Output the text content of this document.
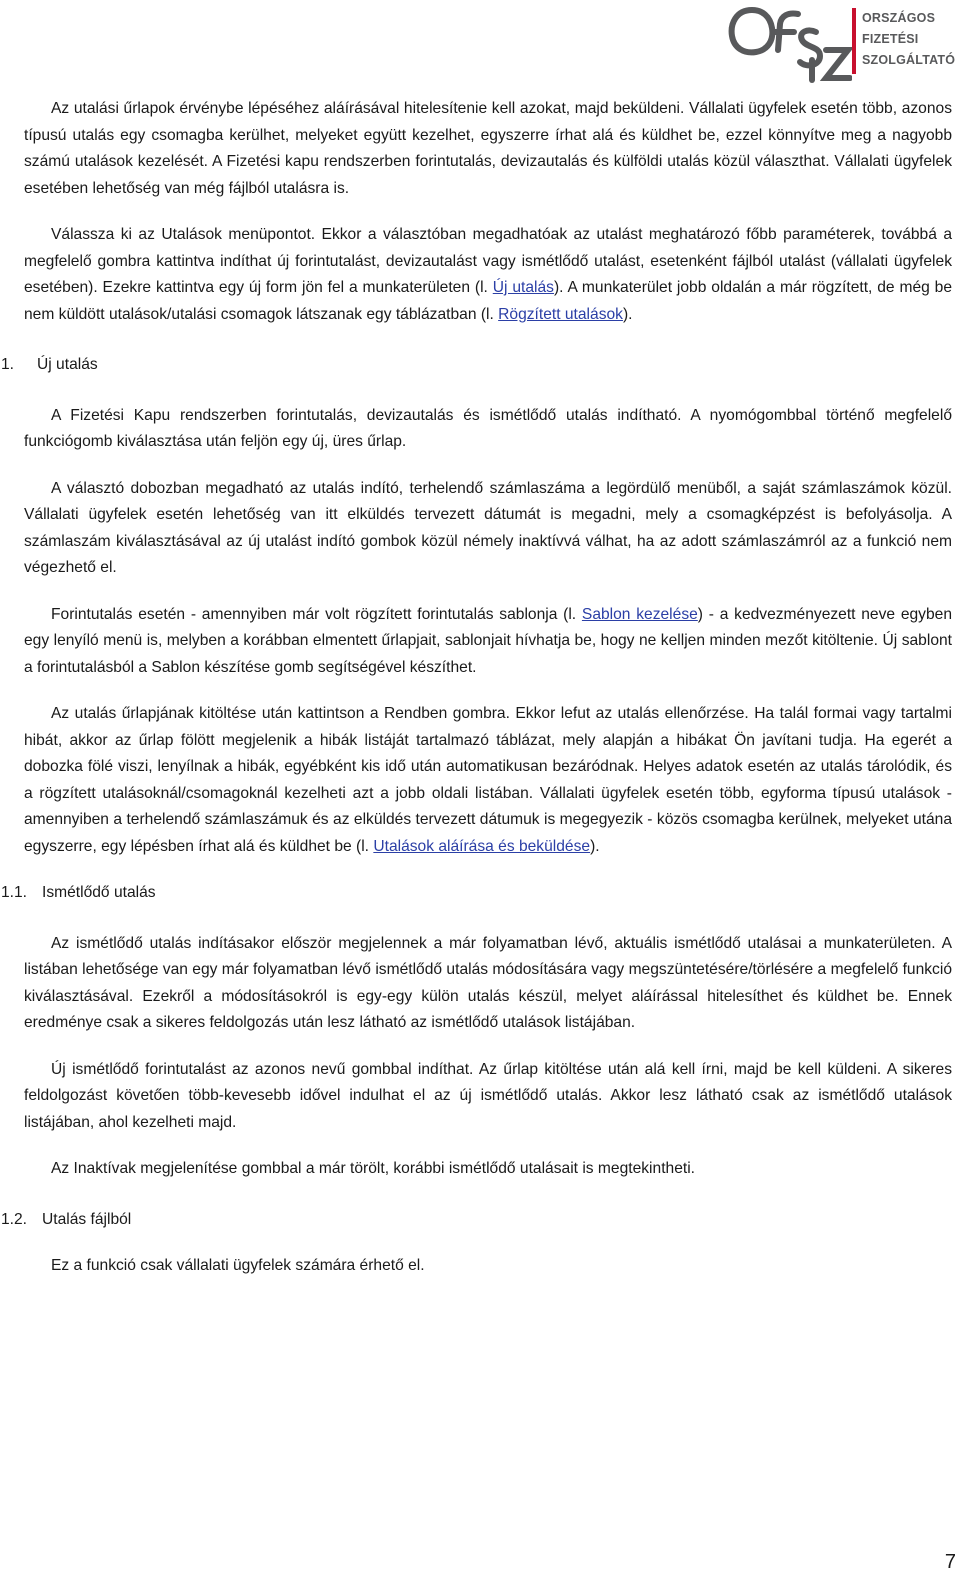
ORSZÁGOS
FIZETÉSI
SZOLGÁLTATÓ

Az utalási űrlapok érvénybe lépéséhez aláírásával hitelesítenie kell azokat, majd beküldeni. Vállalati ügyfelek esetén több, azonos típusú utalás egy csomagba kerülhet, melyeket együtt kezelhet, egyszerre írhat alá és küldhet be, ezzel könnyítve meg a nagyobb számú utalások kezelését. A Fizetési kapu rendszerben forintutalás, devizautalás és külföldi utalás közül választhat. Vállalati ügyfelek esetében lehetőség van még fájlból utalásra is.

Válassza ki az Utalások menüpontot. Ekkor a választóban megadhatóak az utalást meghatározó főbb paraméterek, továbbá a megfelelő gombra kattintva indíthat új forintutalást, devizautalást vagy ismétlődő utalást, esetenként fájlból utalást (vállalati ügyfelek esetében). Ezekre kattintva egy új form jön fel a munkaterületen (l. Új utalás). A munkaterület jobb oldalán a már rögzített, de még be nem küldött utalások/utalási csomagok látszanak egy táblázatban (l. Rögzített utalások).

1. Új utalás

A Fizetési Kapu rendszerben forintutalás, devizautalás és ismétlődő utalás indítható. A nyomógombbal történő megfelelő funkciógomb kiválasztása után feljön egy új, üres űrlap.

A választó dobozban megadható az utalás indító, terhelendő számlaszáma a legördülő menüből, a saját számlaszámok közül. Vállalati ügyfelek esetén lehetőség van itt elküldés tervezett dátumát is megadni, mely a csomagképzést is befolyásolja. A számlaszám kiválasztásával az új utalást indító gombok közül némely inaktívvá válhat, ha az adott számlaszámról az a funkció nem végezhető el.

Forintutalás esetén - amennyiben már volt rögzített forintutalás sablonja (l. Sablon kezelése) - a kedvezményezett neve egyben egy lenyíló menü is, melyben a korábban elmentett űrlapjait, sablonjait hívhatja be, hogy ne kelljen minden mezőt kitöltenie. Új sablont a forintutalásból a Sablon készítése gomb segítségével készíthet.

Az utalás űrlapjának kitöltése után kattintson a Rendben gombra. Ekkor lefut az utalás ellenőrzése. Ha talál formai vagy tartalmi hibát, akkor az űrlap fölött megjelenik a hibák listáját tartalmazó táblázat, mely alapján a hibákat Ön javítani tudja. Ha egerét a dobozka fölé viszi, lenyílnak a hibák, egyébként kis idő után automatikusan bezáródnak. Helyes adatok esetén az utalás tárolódik, és a rögzített utalásoknál/csomagoknál kezelheti azt a jobb oldali listában. Vállalati ügyfelek esetén több, egyforma típusú utalások - amennyiben a terhelendő számlaszámuk és az elküldés tervezett dátumuk is megegyezik - közös csomagba kerülnek, melyeket utána egyszerre, egy lépésben írhat alá és küldhet be (l. Utalások aláírása és beküldése).

1.1. Ismétlődő utalás

Az ismétlődő utalás indításakor először megjelennek a már folyamatban lévő, aktuális ismétlődő utalásai a munkaterületen. A listában lehetősége van egy már folyamatban lévő ismétlődő utalás módosítására vagy megszüntetésére/törlésére a megfelelő funkció kiválasztásával. Ezekről a módosításokról is egy-egy külön utalás készül, melyet aláírással hitelesíthet és küldhet be. Ennek eredménye csak a sikeres feldolgozás után lesz látható az ismétlődő utalások listájában.

Új ismétlődő forintutalást az azonos nevű gombbal indíthat. Az űrlap kitöltése után alá kell írni, majd be kell küldeni. A sikeres feldolgozást követően több-kevesebb idővel indulhat el az új ismétlődő utalás. Akkor lesz látható csak az ismétlődő utalások listájában, ahol kezelheti majd.

Az Inaktívak megjelenítése gombbal a már törölt, korábbi ismétlődő utalásait is megtekintheti.

1.2. Utalás fájlból

Ez a funkció csak vállalati ügyfelek számára érhető el.

7
